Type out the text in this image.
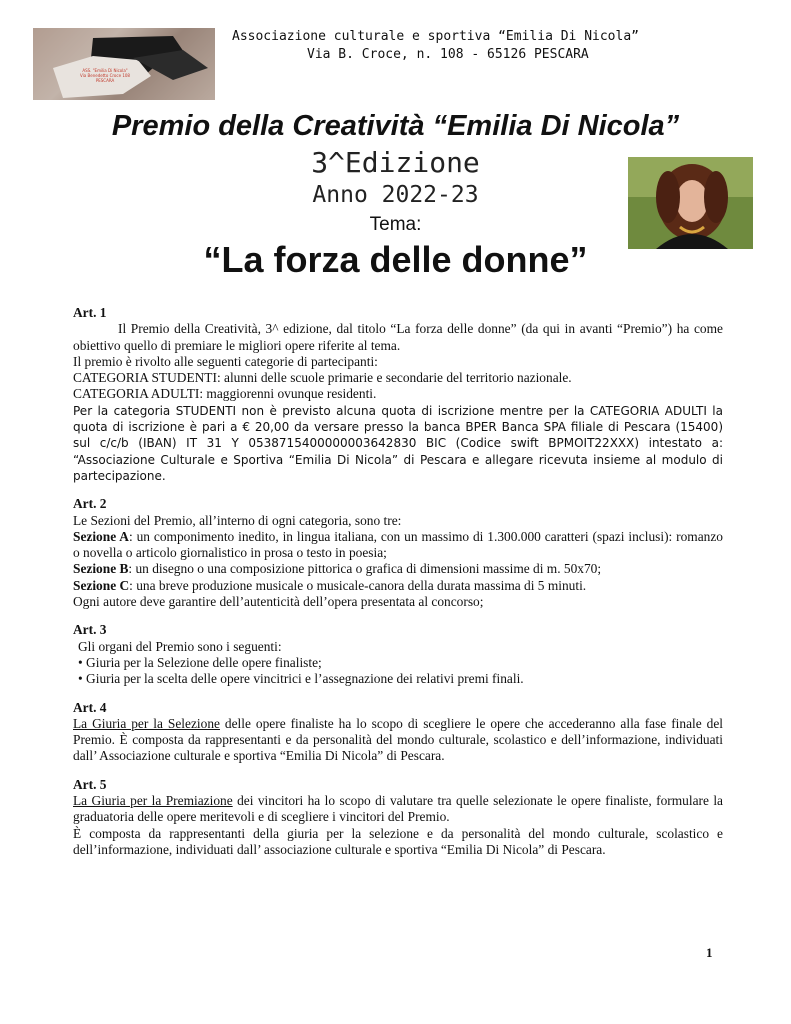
ASS. "Emilia Di Nicola"
Via Benedetto Croce 108
PESCARA
Associazione culturale e sportiva “Emilia Di Nicola”
Via B. Croce, n. 108 - 65126 PESCARA
Premio della Creatività “Emilia Di Nicola”
3^Edizione
Anno 2022-23
Tema:
“La forza delle donne”

Art. 1

Il Premio della Creatività, 3^ edizione, dal titolo “La forza delle donne” (da qui in avanti “Premio”) ha come obiettivo quello di premiare le migliori opere riferite al tema.

Il premio è rivolto alle seguenti categorie di partecipanti:

CATEGORIA STUDENTI: alunni delle scuole primarie e secondarie del territorio nazionale.

CATEGORIA ADULTI: maggiorenni ovunque residenti.

Per la categoria STUDENTI non è previsto alcuna quota di iscrizione mentre per la CATEGORIA ADULTI la quota di iscrizione è pari a € 20,00 da versare presso la banca BPER Banca SPA filiale di Pescara (15400) sul c/c/b (IBAN) IT 31 Y 0538715400000003642830 BIC (Codice swift BPMOIT22XXX) intestato a: “Associazione Culturale e Sportiva “Emilia Di Nicola” di Pescara e allegare ricevuta insieme al modulo di partecipazione.

Art. 2

Le Sezioni del Premio, all’interno di ogni categoria, sono tre:

Sezione A: un componimento inedito, in lingua italiana, con un massimo di 1.300.000 caratteri (spazi inclusi): romanzo o novella o articolo giornalistico in prosa o testo in poesia;

Sezione B: un disegno o una composizione pittorica o grafica di dimensioni massime di m. 50x70;

Sezione C: una breve produzione musicale o musicale-canora della durata massima di 5 minuti.

Ogni autore deve garantire dell’autenticità dell’opera presentata al concorso;

Art. 3

Gli organi del Premio sono i seguenti:

• Giuria per la Selezione delle opere finaliste;
• Giuria per la scelta delle opere vincitrici e l’assegnazione dei relativi premi finali.

Art. 4

La Giuria per la Selezione delle opere finaliste ha lo scopo di scegliere le opere che accederanno alla fase finale del Premio. È composta da rappresentanti e da personalità del mondo culturale, scolastico e dell’informazione, individuati dall’ Associazione culturale e sportiva “Emilia Di Nicola” di Pescara.

Art. 5

La Giuria per la Premiazione dei vincitori ha lo scopo di valutare tra quelle selezionate le opere finaliste, formulare la graduatoria delle opere meritevoli e di scegliere i vincitori del Premio.

È composta da rappresentanti della giuria per la selezione e da personalità del mondo culturale, scolastico e dell’informazione, individuati dall’ associazione culturale e sportiva “Emilia Di Nicola” di Pescara.

1
